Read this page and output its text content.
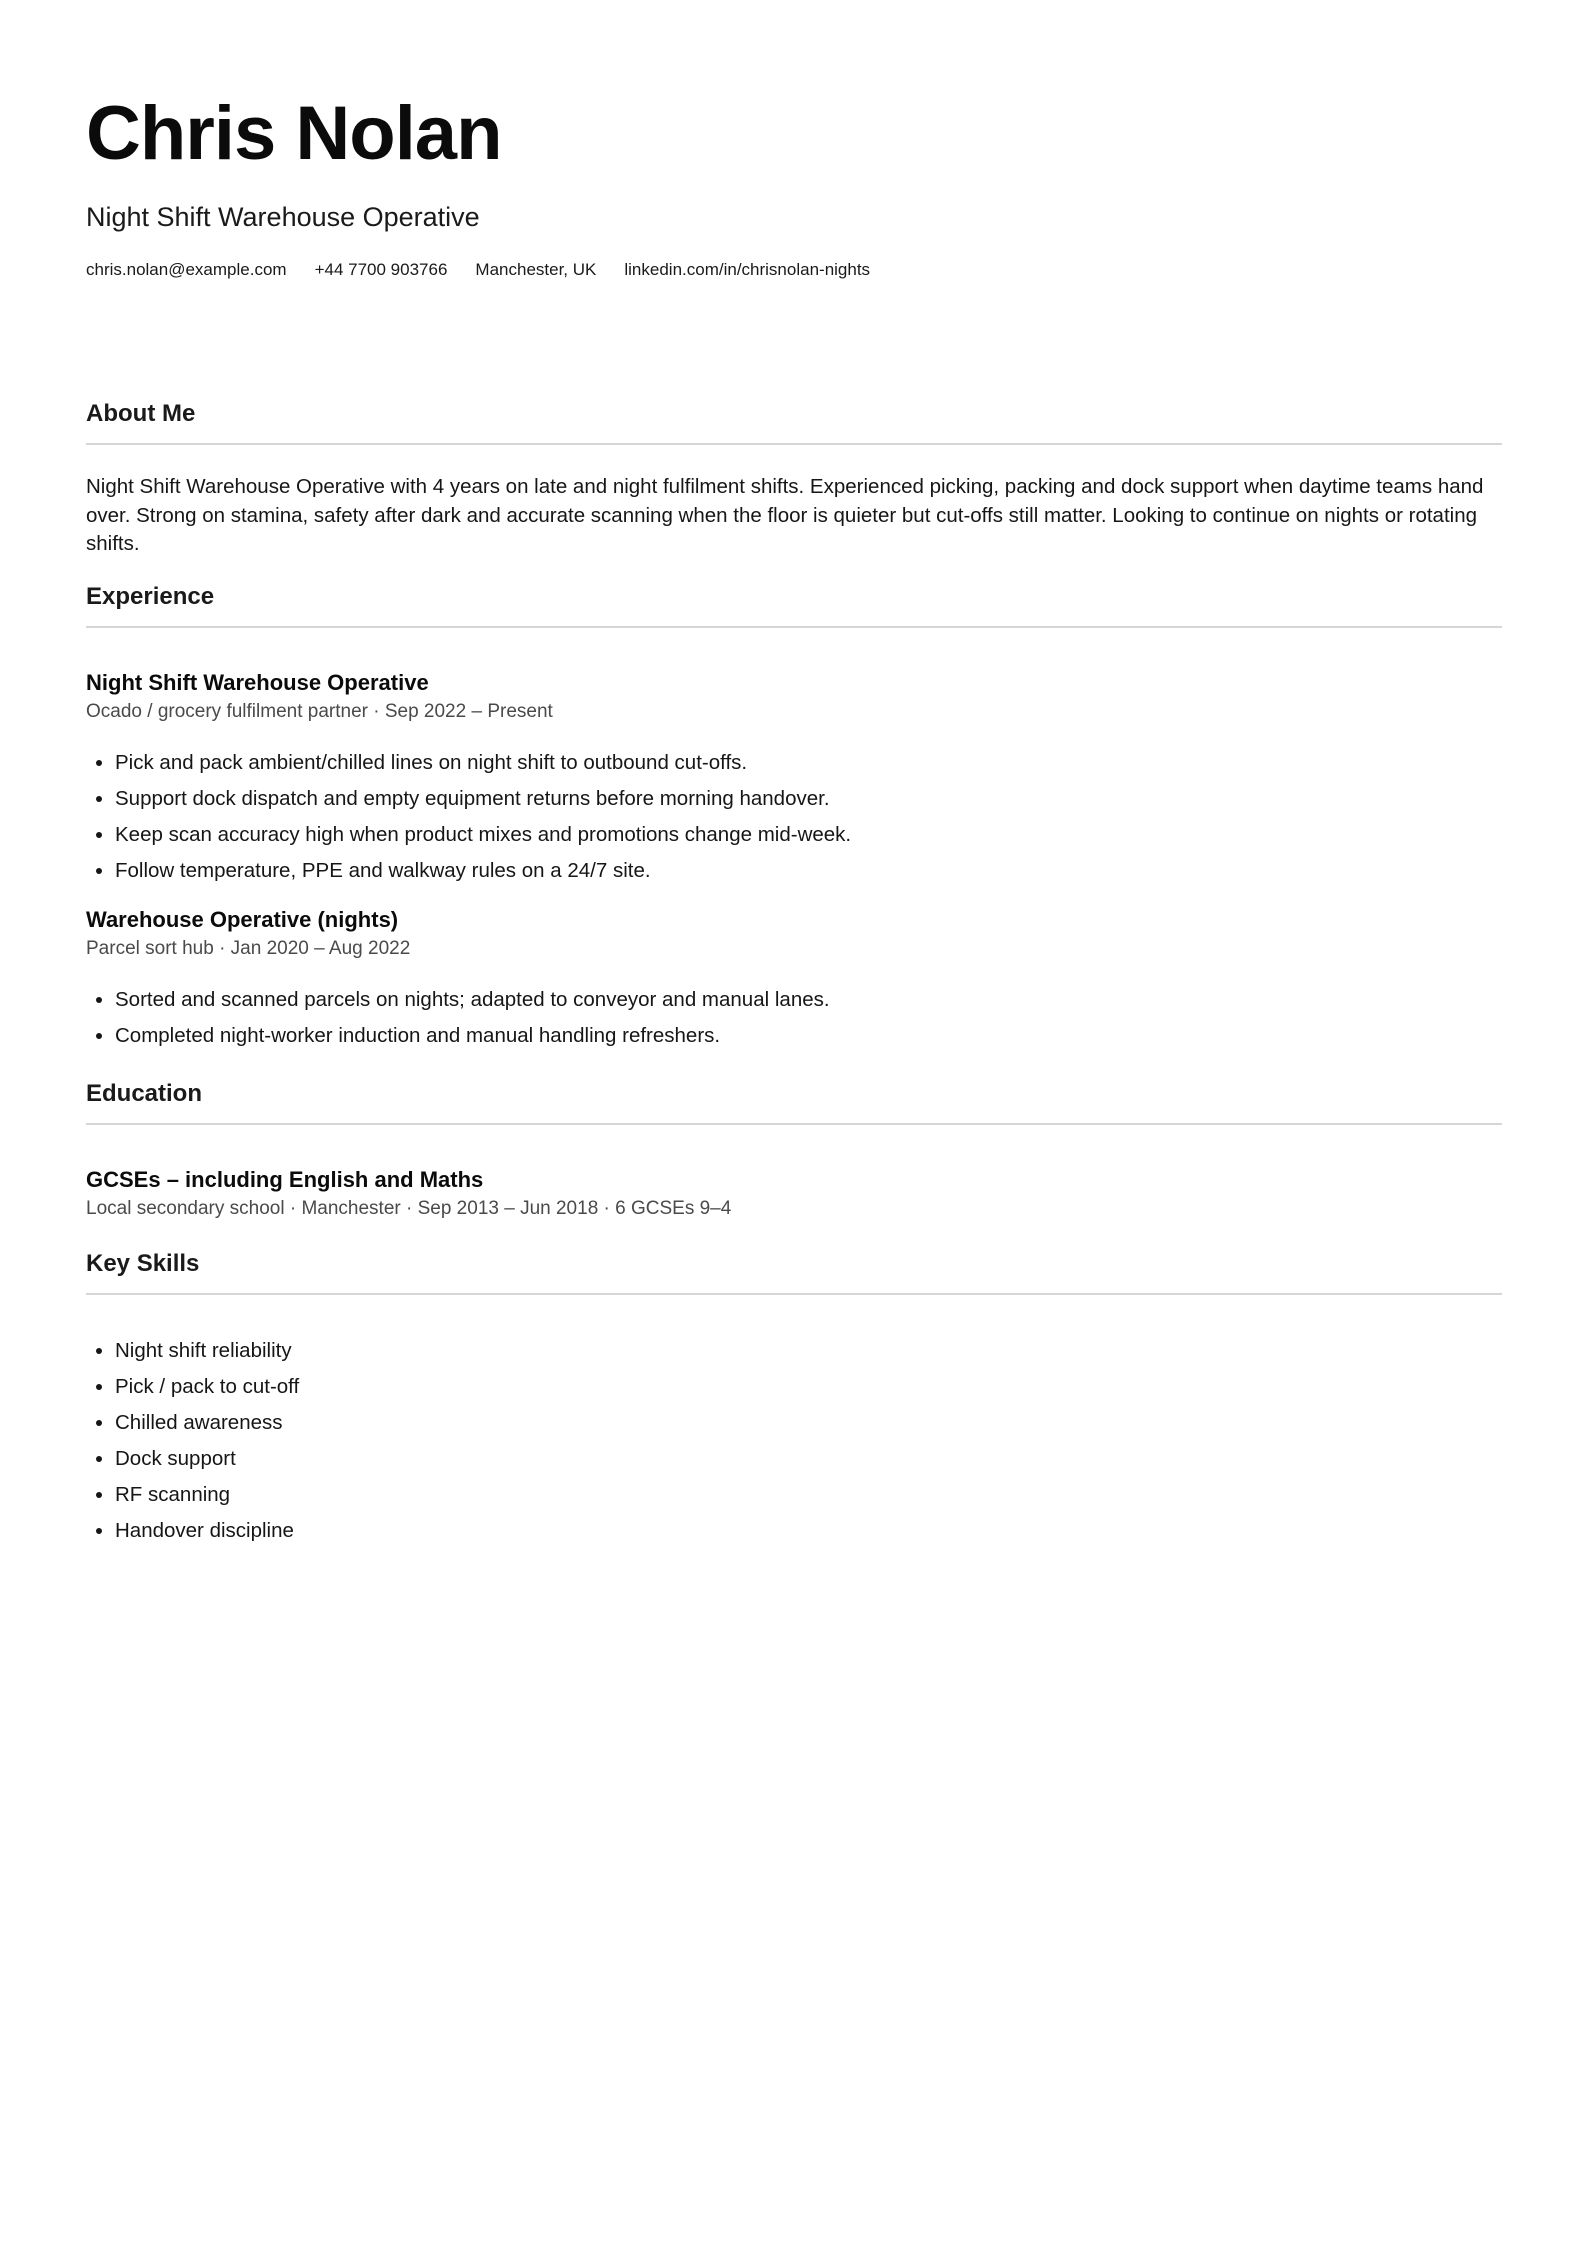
Chris Nolan
Night Shift Warehouse Operative
chris.nolan@example.com +44 7700 903766 Manchester, UK linkedin.com/in/chrisnolan-nights
About Me

Night Shift Warehouse Operative with 4 years on late and night fulfilment shifts. Experienced picking, packing and dock support when daytime teams hand over. Strong on stamina, safety after dark and accurate scanning when the floor is quieter but cut-offs still matter. Looking to continue on nights or rotating shifts.

Experience
Night Shift Warehouse Operative
Ocado / grocery fulfilment partner · Sep 2022 – Present
• Pick and pack ambient/chilled lines on night shift to outbound cut-offs.
• Support dock dispatch and empty equipment returns before morning handover.
• Keep scan accuracy high when product mixes and promotions change mid-week.
• Follow temperature, PPE and walkway rules on a 24/7 site.
Warehouse Operative (nights)
Parcel sort hub · Jan 2020 – Aug 2022
• Sorted and scanned parcels on nights; adapted to conveyor and manual lanes.
• Completed night-worker induction and manual handling refreshers.
Education
GCSEs – including English and Maths
Local secondary school · Manchester · Sep 2013 – Jun 2018 · 6 GCSEs 9–4
Key Skills
• Night shift reliability
• Pick / pack to cut-off
• Chilled awareness
• Dock support
• RF scanning
• Handover discipline
